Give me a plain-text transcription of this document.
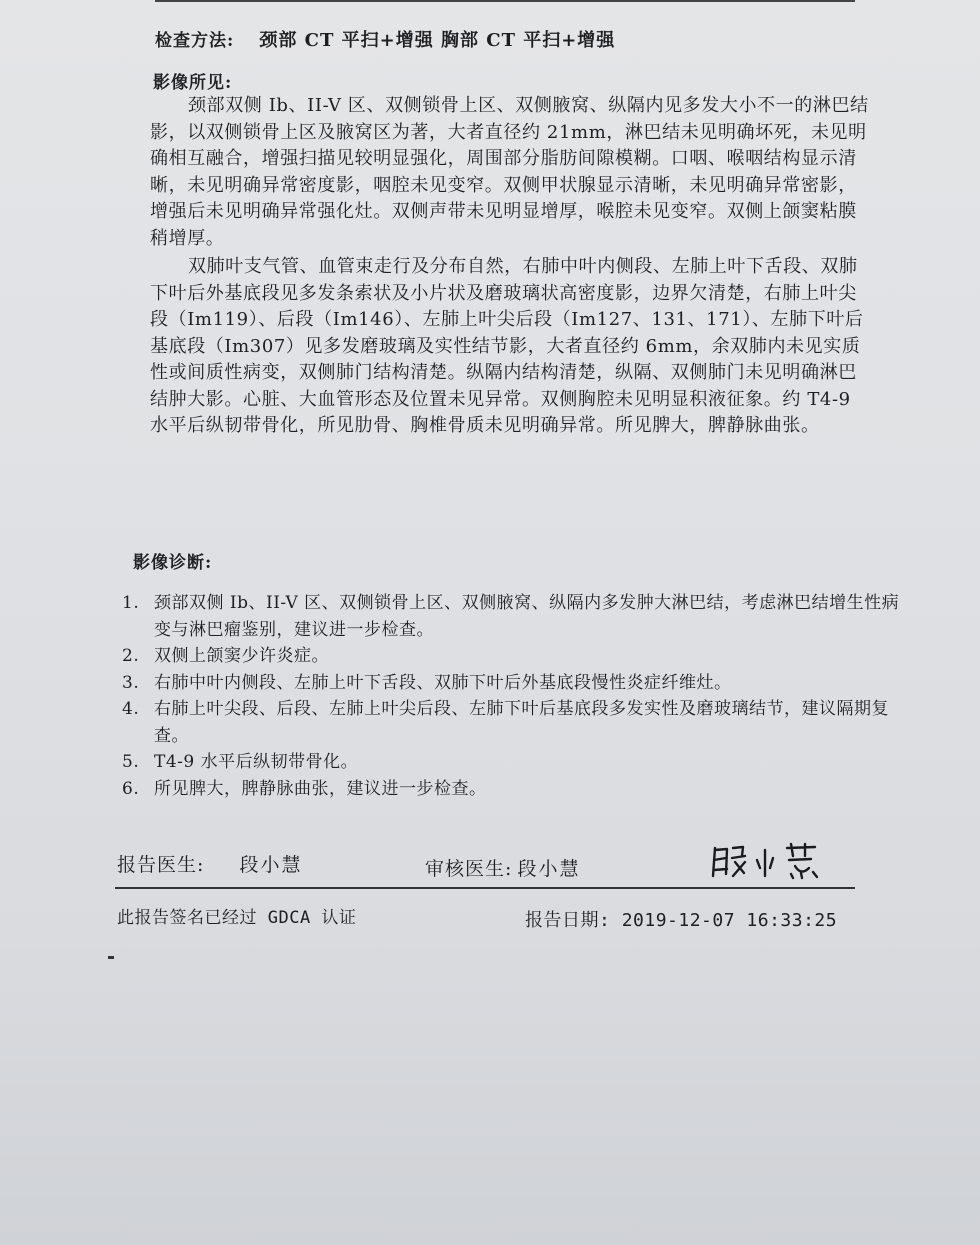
检查方法: 颈部 CT 平扫+增强 胸部 CT 平扫+增强
影像所见:

颈部双侧 Ib、II-V 区、双侧锁骨上区、双侧腋窝、纵隔内见多发大小不一的淋巴结影，以双侧锁骨上区及腋窝区为著，大者直径约 21mm，淋巴结未见明确坏死，未见明确相互融合，增强扫描见较明显强化，周围部分脂肪间隙模糊。口咽、喉咽结构显示清晰，未见明确异常密度影，咽腔未见变窄。双侧甲状腺显示清晰，未见明确异常密影，增强后未见明确异常强化灶。双侧声带未见明显增厚，喉腔未见变窄。双侧上颌窦粘膜稍增厚。

双肺叶支气管、血管束走行及分布自然，右肺中叶内侧段、左肺上叶下舌段、双肺下叶后外基底段见多发条索状及小片状及磨玻璃状高密度影，边界欠清楚，右肺上叶尖段（Im119）、后段（Im146）、左肺上叶尖后段（Im127、131、171）、左肺下叶后基底段（Im307）见多发磨玻璃及实性结节影，大者直径约 6mm，余双肺内未见实质性或间质性病变，双侧肺门结构清楚。纵隔内结构清楚，纵隔、双侧肺门未见明确淋巴结肿大影。心脏、大血管形态及位置未见异常。双侧胸腔未见明显积液征象。约 T4-9 水平后纵韧带骨化，所见肋骨、胸椎骨质未见明确异常。所见脾大，脾静脉曲张。

影像诊断:
1. 颈部双侧 Ib、II-V 区、双侧锁骨上区、双侧腋窝、纵隔内多发肿大淋巴结，考虑淋巴结增生性病变与淋巴瘤鉴别，建议进一步检查。
2. 双侧上颌窦少许炎症。
3. 右肺中叶内侧段、左肺上叶下舌段、双肺下叶后外基底段慢性炎症纤维灶。
4. 右肺上叶尖段、后段、左肺上叶尖后段、左肺下叶后基底段多发实性及磨玻璃结节，建议隔期复查。
5. T4-9 水平后纵韧带骨化。
6. 所见脾大，脾静脉曲张，建议进一步检查。
报告医生: 段小慧	审核医生: 段小慧
此报告签名已经过 GDCA 认证	报告日期: 2019-12-07 16:33:25
